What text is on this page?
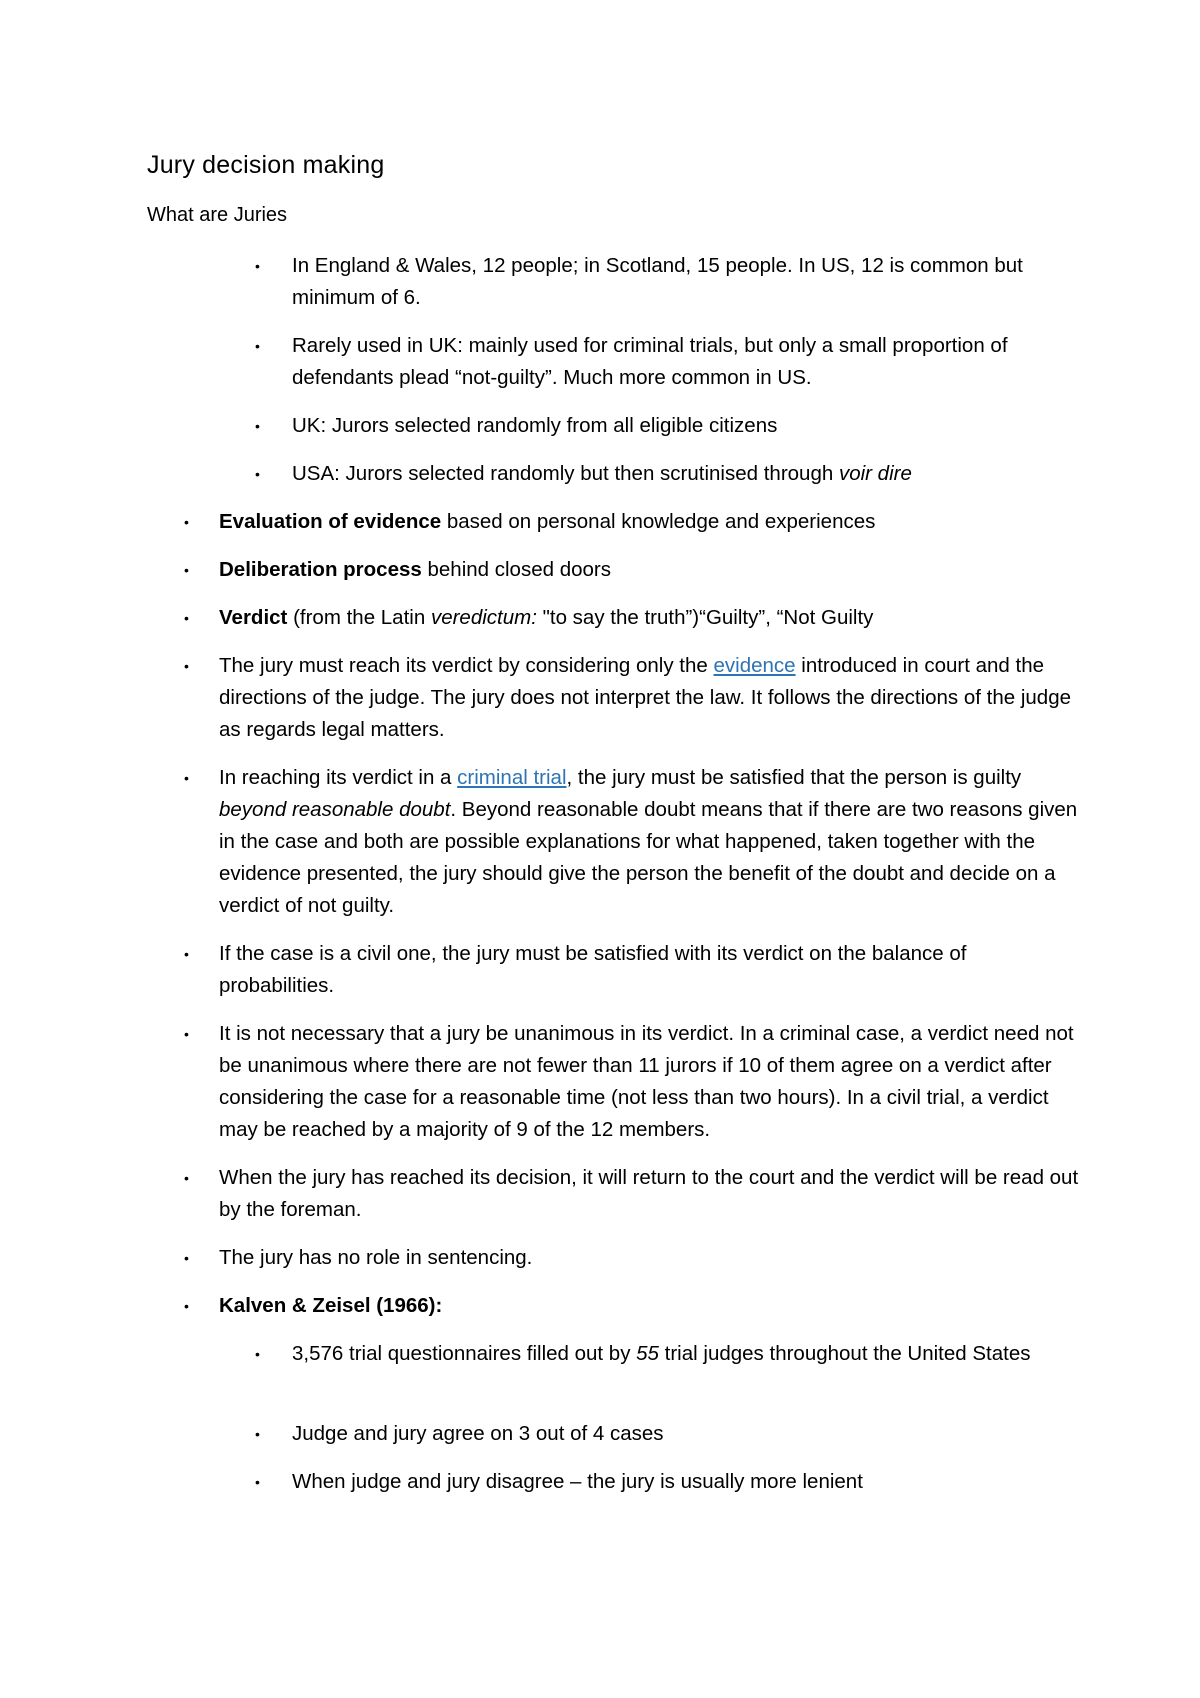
Jury decision making
What are Juries
• In England & Wales, 12 people; in Scotland, 15 people. In US, 12 is common but minimum of 6.
• Rarely used in UK: mainly used for criminal trials, but only a small proportion of defendants plead “not-guilty”. Much more common in US.
• UK: Jurors selected randomly from all eligible citizens
• USA: Jurors selected randomly but then scrutinised through voir dire
• Evaluation of evidence based on personal knowledge and experiences
• Deliberation process behind closed doors
• Verdict (from the Latin veredictum: "to say the truth”)“Guilty”, “Not Guilty
• The jury must reach its verdict by considering only the evidence introduced in court and the directions of the judge. The jury does not interpret the law. It follows the directions of the judge as regards legal matters.
• In reaching its verdict in a criminal trial, the jury must be satisfied that the person is guilty beyond reasonable doubt. Beyond reasonable doubt means that if there are two reasons given in the case and both are possible explanations for what happened, taken together with the evidence presented, the jury should give the person the benefit of the doubt and decide on a verdict of not guilty.
• If the case is a civil one, the jury must be satisfied with its verdict on the balance of probabilities.
• It is not necessary that a jury be unanimous in its verdict. In a criminal case, a verdict need not be unanimous where there are not fewer than 11 jurors if 10 of them agree on a verdict after considering the case for a reasonable time (not less than two hours). In a civil trial, a verdict may be reached by a majority of 9 of the 12 members.
• When the jury has reached its decision, it will return to the court and the verdict will be read out by the foreman.
• The jury has no role in sentencing.
• Kalven & Zeisel (1966):
• 3,576 trial questionnaires filled out by 55 trial judges throughout the United States
• Judge and jury agree on 3 out of 4 cases
• When judge and jury disagree – the jury is usually more lenient
